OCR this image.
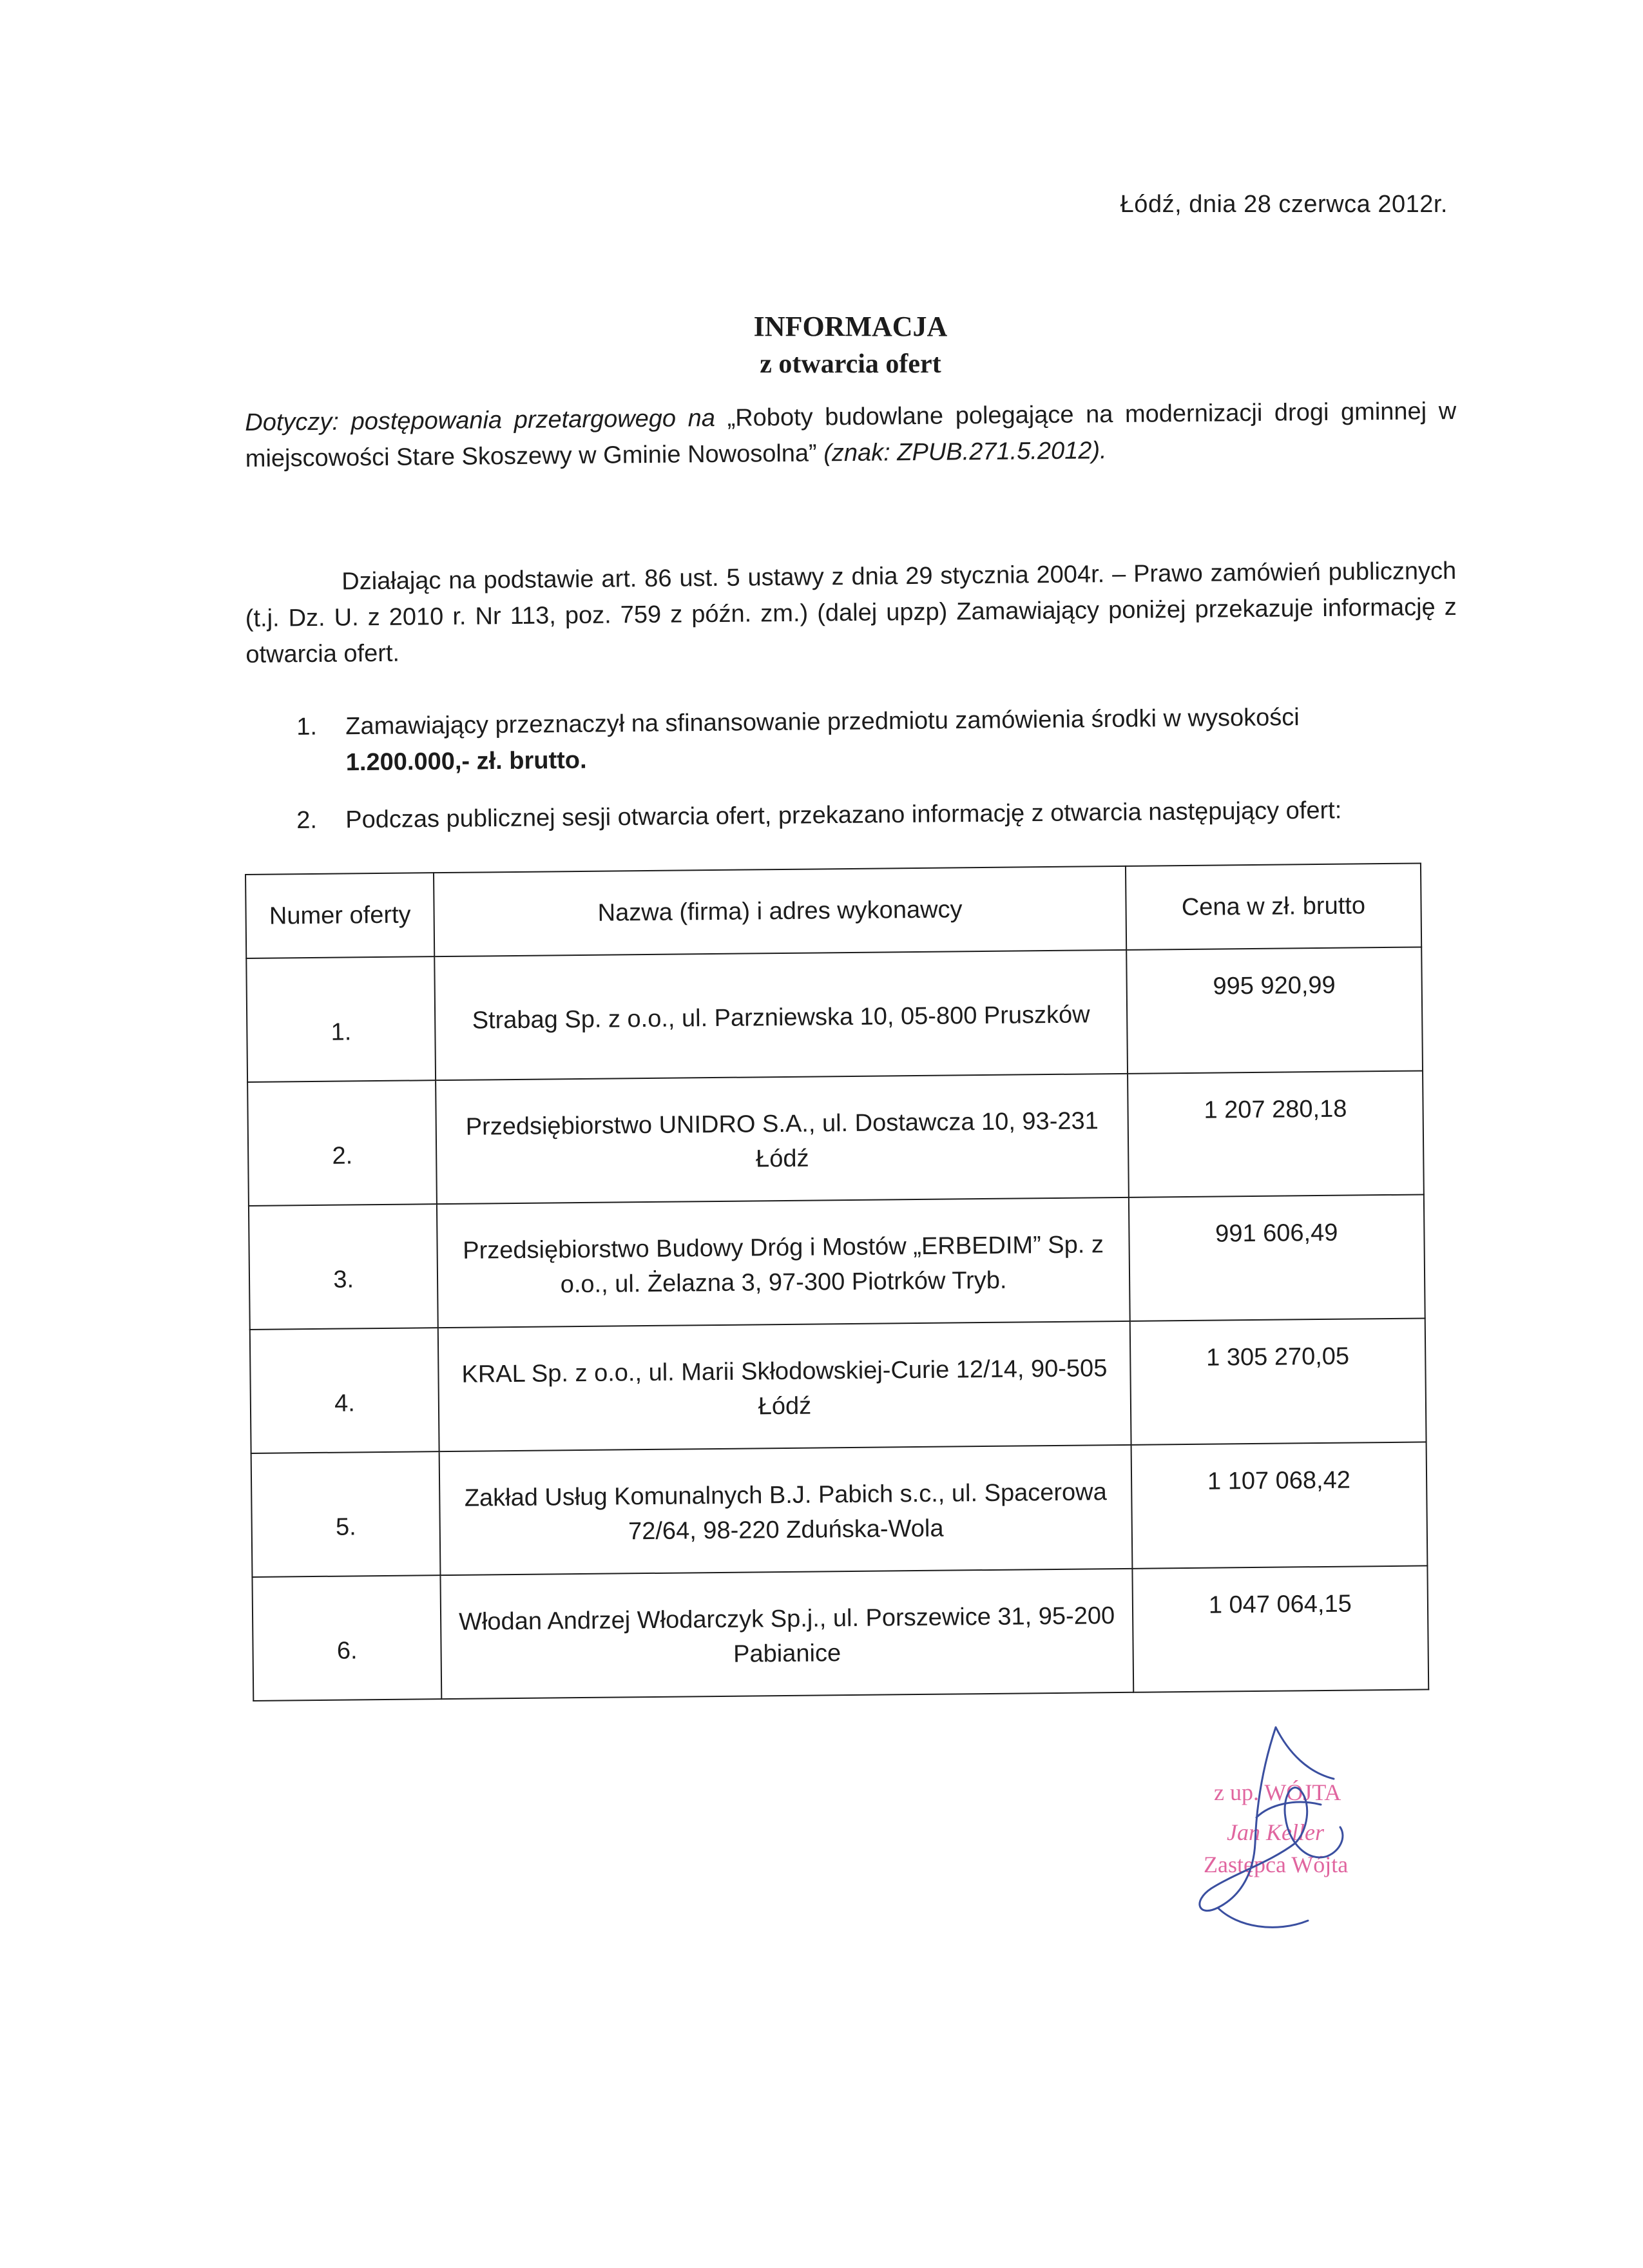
Łódź, dnia 28 czerwca 2012r.
INFORMACJA
z otwarcia ofert
Dotyczy: postępowania przetargowego na „Roboty budowlane polegające na modernizacji drogi gminnej w miejscowości Stare Skoszewy w Gminie Nowosolna” (znak: ZPUB.271.5.2012).
Działając na podstawie art. 86 ust. 5 ustawy z dnia 29 stycznia 2004r. – Prawo zamówień publicznych (t.j. Dz. U. z 2010 r. Nr 113, poz. 759 z późn. zm.) (dalej upzp) Zamawiający poniżej przekazuje informację z otwarcia ofert.
1. Zamawiający przeznaczył na sfinansowanie przedmiotu zamówienia środki w wysokości
1.200.000,- zł. brutto.
2. Podczas publicznej sesji otwarcia ofert, przekazano informację z otwarcia następujący ofert:
Numer oferty	Nazwa (firma) i adres wykonawcy	Cena w zł. brutto
1.	Strabag Sp. z o.o., ul. Parzniewska 10, 05-800 Pruszków	995 920,99
2.	Przedsiębiorstwo UNIDRO S.A., ul. Dostawcza 10, 93-231 Łódź	1 207 280,18
3.	Przedsiębiorstwo Budowy Dróg i Mostów „ERBEDIM” Sp. z o.o., ul. Żelazna 3, 97-300 Piotrków Tryb.	991 606,49
4.	KRAL Sp. z o.o., ul. Marii Skłodowskiej-Curie 12/14, 90-505 Łódź	1 305 270,05
5.	Zakład Usług Komunalnych B.J. Pabich s.c., ul. Spacerowa 72/64, 98-220 Zduńska-Wola	1 107 068,42
6.	Włodan Andrzej Włodarczyk Sp.j., ul. Porszewice 31, 95-200 Pabianice	1 047 064,15
z up. WÓJTA
Jan Keller
Zastępca Wójta
